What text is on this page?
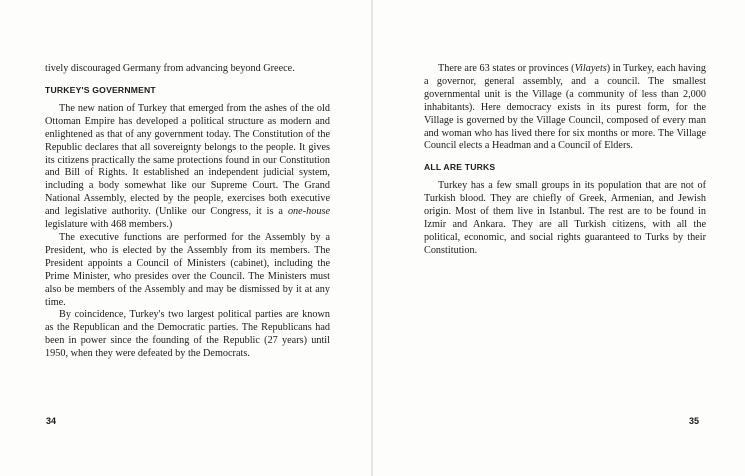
tively discouraged Germany from advancing beyond Greece.

TURKEY'S GOVERNMENT

The new nation of Turkey that emerged from the ashes of the old Ottoman Empire has developed a political structure as modern and enlightened as that of any government today. The Constitution of the Republic declares that all sovereignty belongs to the people. It gives its citizens practically the same protections found in our Constitution and Bill of Rights. It established an independent judicial system, including a body somewhat like our Supreme Court. The Grand National Assembly, elected by the people, exercises both executive and legislative authority. (Unlike our Congress, it is a one-house legislature with 468 members.)

The executive functions are performed for the Assembly by a President, who is elected by the Assembly from its members. The President appoints a Council of Ministers (cabinet), including the Prime Minister, who presides over the Council. The Ministers must also be members of the Assembly and may be dismissed by it at any time.

By coincidence, Turkey's two largest political parties are known as the Republican and the Democratic parties. The Republicans had been in power since the founding of the Republic (27 years) until 1950, when they were defeated by the Democrats.

34

There are 63 states or provinces (Vilayets) in Turkey, each having a governor, general assembly, and a council. The smallest governmental unit is the Village (a community of less than 2,000 inhabitants). Here democracy exists in its purest form, for the Village is governed by the Village Council, composed of every man and woman who has lived there for six months or more. The Village Council elects a Headman and a Council of Elders.

ALL ARE TURKS

Turkey has a few small groups in its population that are not of Turkish blood. They are chiefly of Greek, Armenian, and Jewish origin. Most of them live in Istanbul. The rest are to be found in Izmir and Ankara. They are all Turkish citizens, with all the political, economic, and social rights guaranteed to Turks by their Constitution.

35
